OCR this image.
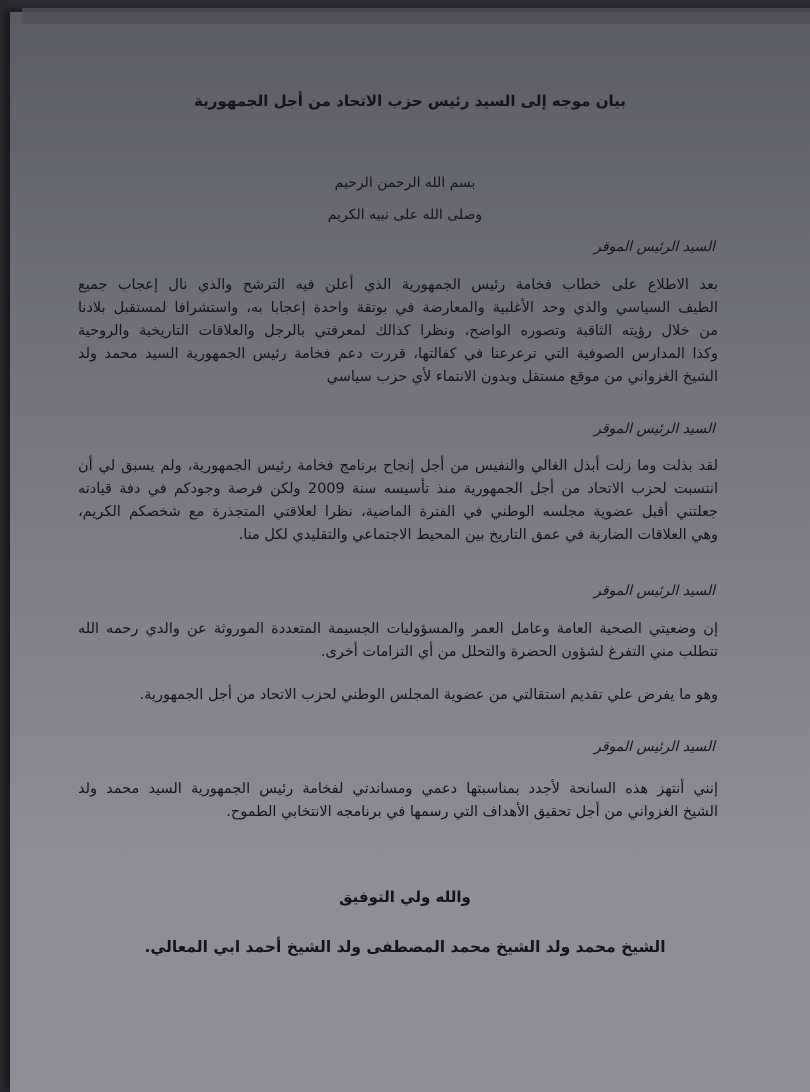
بيان موجه إلى السيد رئيس حزب الاتحاد من أجل الجمهورية
بسم الله الرحمن الرحيم
وصلى الله على نبيه الكريم
السيد الرئيس الموقر
بعد الاطلاع على خطاب فخامة رئيس الجمهورية الذي أعلن فيه الترشح والذي نال إعجاب جميع
الطيف السياسي والذي وحد الأغلبية والمعارضة في بوتقة واحدة إعجابا به، واستشرافا لمستقبل بلادنا
من خلال رؤيته الثاقبة وتصوره الواضح، ونظرا كذالك لمعرفتي بالرجل والعلاقات التاريخية والروحية
وكذا المدارس الصوفية التي ترعرعنا في كفالتها، قررت دعم فخامة رئيس الجمهورية السيد محمد ولد
الشيخ الغزواني من موقع مستقل وبدون الانتماء لأي حزب سياسي
السيد الرئيس الموقر
لقد بذلت وما زلت أبذل الغالي والنفيس من أجل إنجاح برنامج فخامة رئيس الجمهورية، ولم يسبق لي أن
انتسبت لحزب الاتحاد من أجل الجمهورية منذ تأسيسه سنة 2009 ولكن فرصة وجودكم في دفة قيادته
جعلتني أقبل عضوية مجلسه الوطني في الفترة الماضية، نظرا لعلاقتي المتجذرة مع شخصكم الكريم،
وهي العلاقات الضاربة في عمق التاريخ بين المحيط الاجتماعي والتقليدي لكل منا.
السيد الرئيس الموقر
إن وضعيتي الصحية العامة وعامل العمر والمسؤوليات الجسيمة المتعددة الموروثة عن والدي رحمه الله
تتطلب مني التفرغ لشؤون الحضرة والتحلل من أي التزامات أخرى.
وهو ما يفرض علي تقديم استقالتي من عضوية المجلس الوطني لحزب الاتحاد من أجل الجمهورية.
السيد الرئيس الموقر
إنني أنتهز هذه السانحة لأجدد بمناسبتها دعمي ومساندتي لفخامة رئيس الجمهورية السيد محمد ولد
الشيخ الغزواني من أجل تحقيق الأهداف التي رسمها في برنامجه الانتخابي الطموح.
والله ولي التوفيق
الشيخ محمد ولد الشيخ محمد المصطفى ولد الشيخ أحمد ابي المعالي.
